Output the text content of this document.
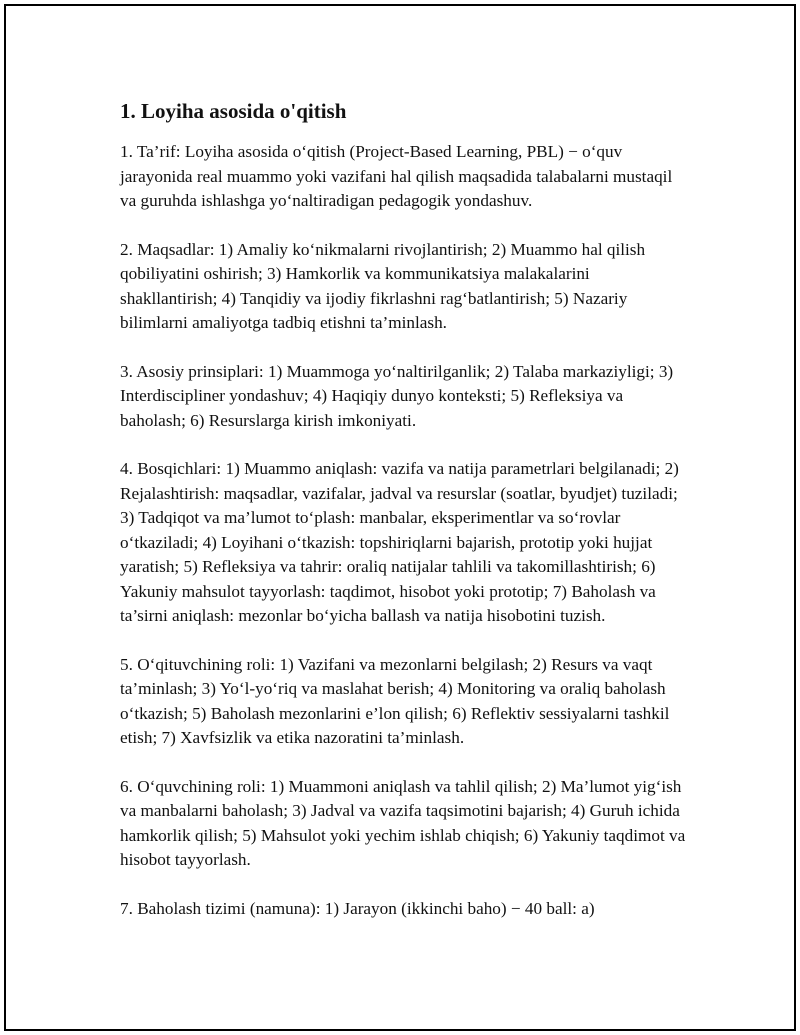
1. Loyiha asosida o'qitish

1. Ta’rif: Loyiha asosida o‘qitish (Project-Based Learning, PBL) − o‘quv jarayonida real muammo yoki vazifani hal qilish maqsadida talabalarni mustaqil va guruhda ishlashga yo‘naltiradigan pedagogik yondashuv.

2. Maqsadlar: 1) Amaliy ko‘nikmalarni rivojlantirish; 2) Muammo hal qilish qobiliyatini oshirish; 3) Hamkorlik va kommunikatsiya malakalarini shakllantirish; 4) Tanqidiy va ijodiy fikrlashni rag‘batlantirish; 5) Nazariy bilimlarni amaliyotga tadbiq etishni ta’minlash.

3. Asosiy prinsiplari: 1) Muammoga yo‘naltirilganlik; 2) Talaba markaziyligi; 3) Interdiscipliner yondashuv; 4) Haqiqiy dunyo konteksti; 5) Refleksiya va baholash; 6) Resurslarga kirish imkoniyati.

4. Bosqichlari: 1) Muammo aniqlash: vazifa va natija parametrlari belgilanadi; 2) Rejalashtirish: maqsadlar, vazifalar, jadval va resurslar (soatlar, byudjet) tuziladi; 3) Tadqiqot va ma’lumot to‘plash: manbalar, eksperimentlar va so‘rovlar o‘tkaziladi; 4) Loyihani o‘tkazish: topshiriqlarni bajarish, prototip yoki hujjat yaratish; 5) Refleksiya va tahrir: oraliq natijalar tahlili va takomillashtirish; 6) Yakuniy mahsulot tayyorlash: taqdimot, hisobot yoki prototip; 7) Baholash va ta’sirni aniqlash: mezonlar bo‘yicha ballash va natija hisobotini tuzish.

5. O‘qituvchining roli: 1) Vazifani va mezonlarni belgilash; 2) Resurs va vaqt ta’minlash; 3) Yo‘l-yo‘riq va maslahat berish; 4) Monitoring va oraliq baholash o‘tkazish; 5) Baholash mezonlarini e’lon qilish; 6) Reflektiv sessiyalarni tashkil etish; 7) Xavfsizlik va etika nazoratini ta’minlash.

6. O‘quvchining roli: 1) Muammoni aniqlash va tahlil qilish; 2) Ma’lumot yig‘ish va manbalarni baholash; 3) Jadval va vazifa taqsimotini bajarish; 4) Guruh ichida hamkorlik qilish; 5) Mahsulot yoki yechim ishlab chiqish; 6) Yakuniy taqdimot va hisobot tayyorlash.

7. Baholash tizimi (namuna): 1) Jarayon (ikkinchi baho) − 40 ball: a)
